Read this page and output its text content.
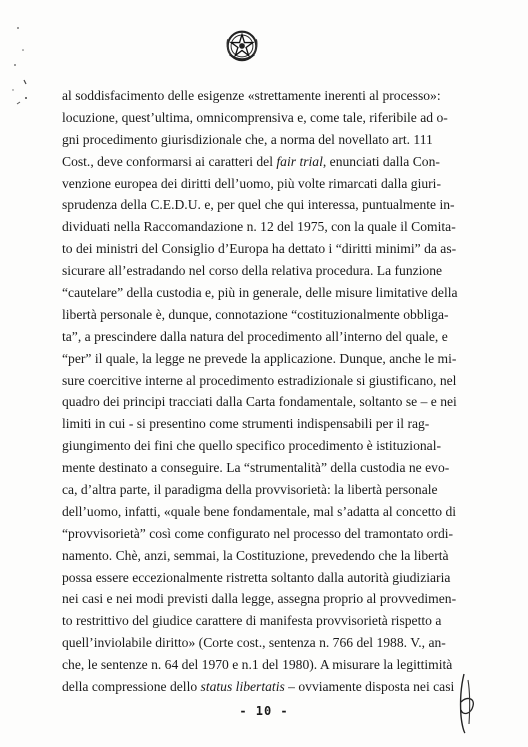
al soddisfacimento delle esigenze «strettamente inerenti al processo»:
locuzione, quest’ultima, omnicomprensiva e, come tale, riferibile ad o-
gni procedimento giurisdizionale che, a norma del novellato art. 111
Cost., deve conformarsi ai caratteri del fair trial, enunciati dalla Con-
venzione europea dei diritti dell’uomo, più volte rimarcati dalla giuri-
sprudenza della C.E.D.U. e, per quel che qui interessa, puntualmente in-
dividuati nella Raccomandazione n. 12 del 1975, con la quale il Comita-
to dei ministri del Consiglio d’Europa ha dettato i “diritti minimi” da as-
sicurare all’estradando nel corso della relativa procedura. La funzione
“cautelare” della custodia e, più in generale, delle misure limitative della
libertà personale è, dunque, connotazione “costituzionalmente obbliga-
ta”, a prescindere dalla natura del procedimento all’interno del quale, e
“per” il quale, la legge ne prevede la applicazione. Dunque, anche le mi-
sure coercitive interne al procedimento estradizionale si giustificano, nel
quadro dei principi tracciati dalla Carta fondamentale, soltanto se – e nei
limiti in cui - si presentino come strumenti indispensabili per il rag-
giungimento dei fini che quello specifico procedimento è istituzional-
mente destinato a conseguire. La “strumentalità” della custodia ne evo-
ca, d’altra parte, il paradigma della provvisorietà: la libertà personale
dell’uomo, infatti, «quale bene fondamentale, mal s’adatta al concetto di
“provvisorietà” così come configurato nel processo del tramontato ordi-
namento. Chè, anzi, semmai, la Costituzione, prevedendo che la libertà
possa essere eccezionalmente ristretta soltanto dalla autorità giudiziaria
nei casi e nei modi previsti dalla legge, assegna proprio al provvedimen-
to restrittivo del giudice carattere di manifesta provvisorietà rispetto a
quell’inviolabile diritto» (Corte cost., sentenza n. 766 del 1988. V., an-
che, le sentenze n. 64 del 1970 e n.1 del 1980). A misurare la legittimità
della compressione dello status libertatis – ovviamente disposta nei casi
- 10 -
